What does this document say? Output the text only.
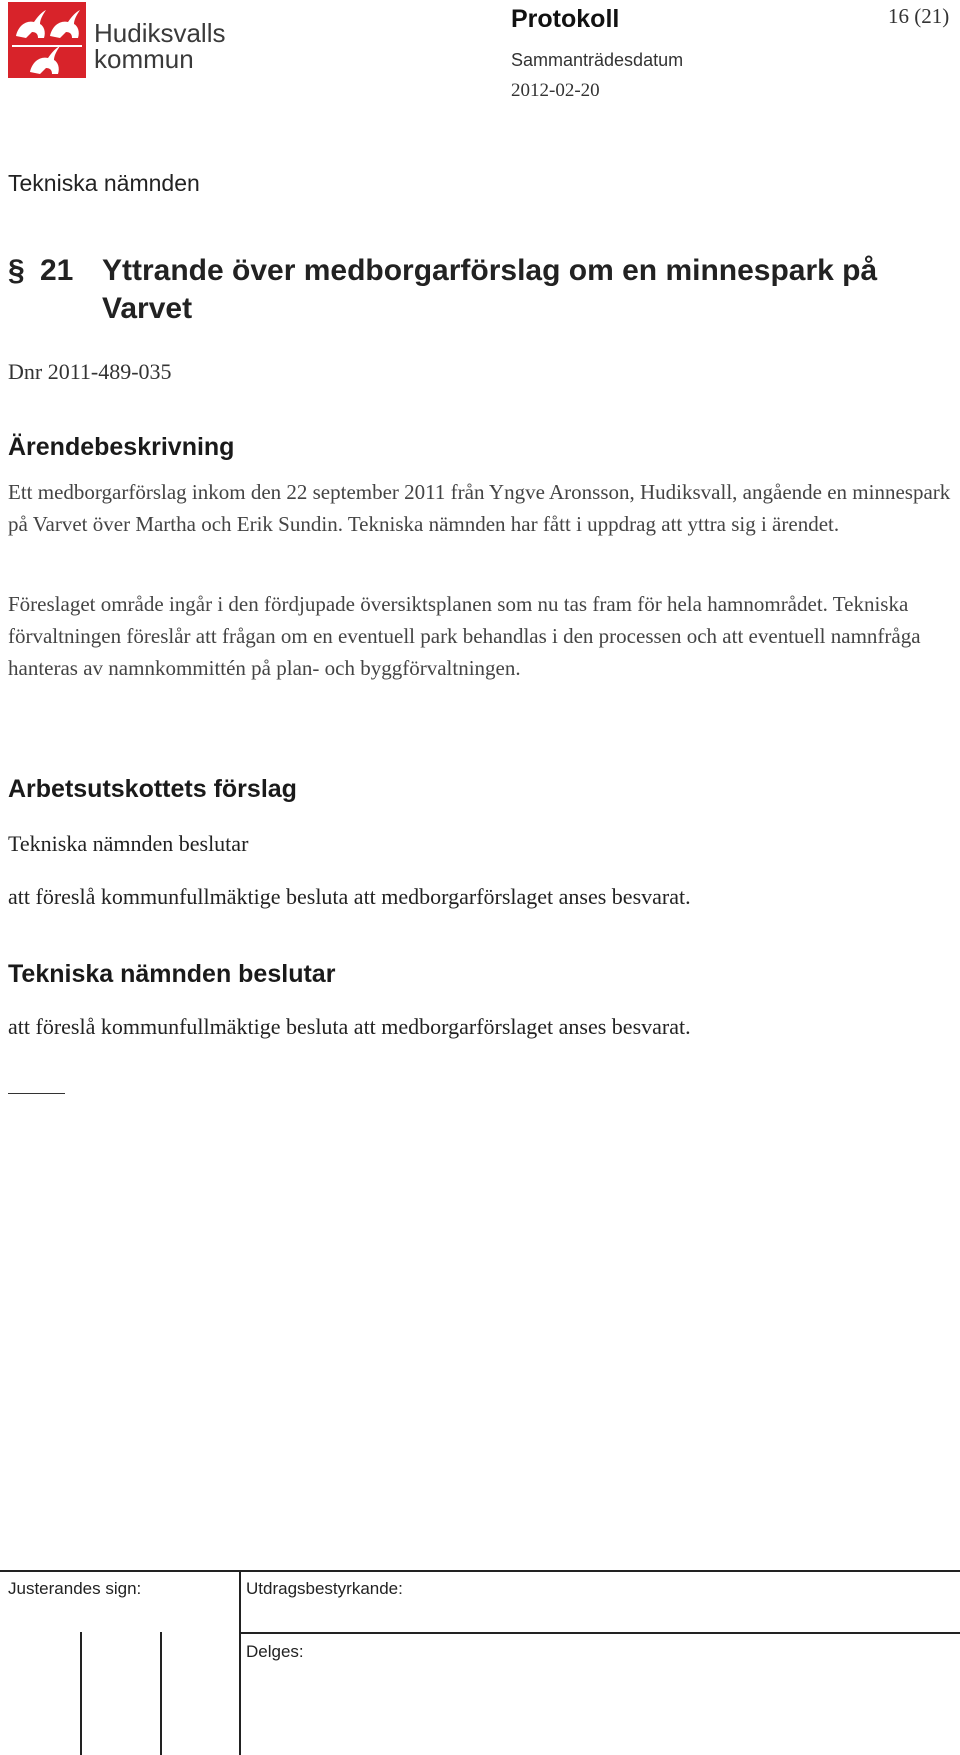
Hudiksvalls
kommun
Protokoll	16 (21)
Sammanträdesdatum
2012-02-20
Tekniska nämnden
§ 21 Yttrande över medborgarförslag om en minnespark på Varvet
Dnr 2011-489-035
Ärendebeskrivning
Ett medborgarförslag inkom den 22 september 2011 från Yngve Aronsson, Hudiksvall, angående en minnespark på Varvet över Martha och Erik Sundin. Tekniska nämnden har fått i uppdrag att yttra sig i ärendet.
Föreslaget område ingår i den fördjupade översiktsplanen som nu tas fram för hela hamnområdet. Tekniska förvaltningen föreslår att frågan om en eventuell park behandlas i den processen och att eventuell namnfråga hanteras av namnkommittén på plan- och byggförvaltningen.
Arbetsutskottets förslag
Tekniska nämnden beslutar
att föreslå kommunfullmäktige besluta att medborgarförslaget anses besvarat.
Tekniska nämnden beslutar
att föreslå kommunfullmäktige besluta att medborgarförslaget anses besvarat.
Justerandes sign:	Utdragsbestyrkande:
Delges:
